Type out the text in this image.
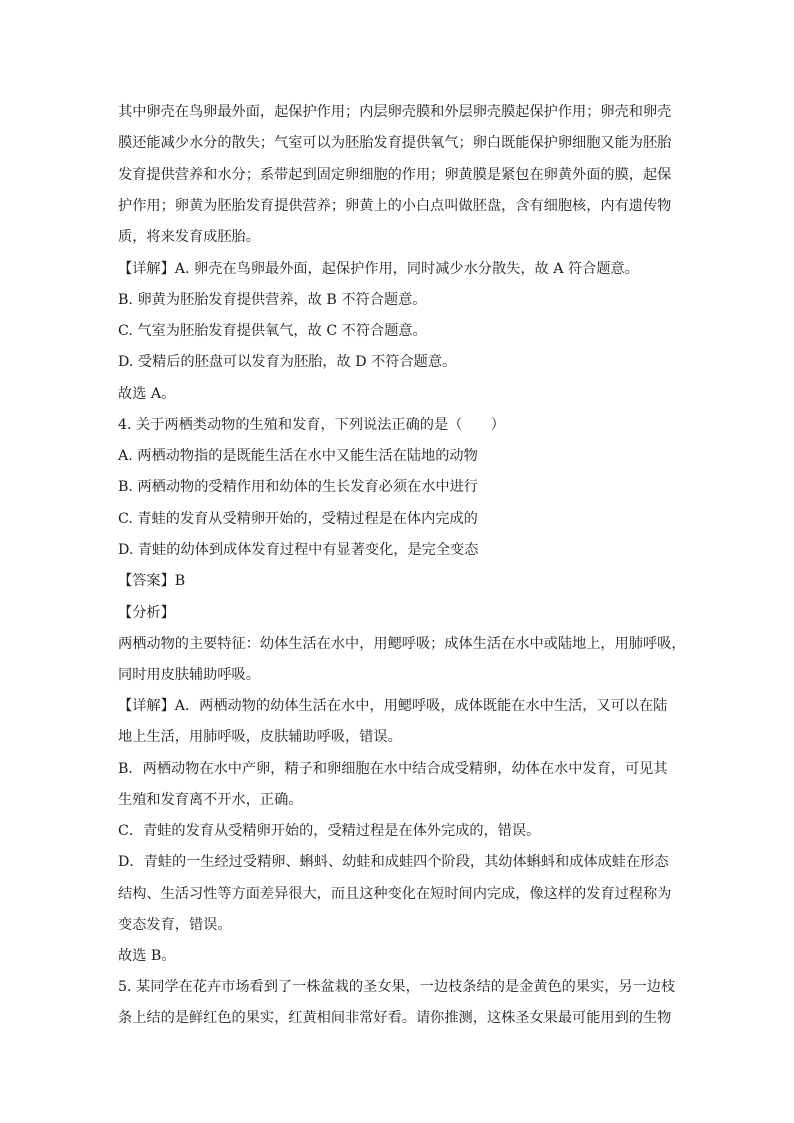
其中卵壳在鸟卵最外面，起保护作用；内层卵壳膜和外层卵壳膜起保护作用；卵壳和卵壳
膜还能减少水分的散失；气室可以为胚胎发育提供氧气；卵白既能保护卵细胞又能为胚胎
发育提供营养和水分；系带起到固定卵细胞的作用；卵黄膜是紧包在卵黄外面的膜，起保
护作用；卵黄为胚胎发育提供营养；卵黄上的小白点叫做胚盘，含有细胞核，内有遗传物
质，将来发育成胚胎。
【详解】A. 卵壳在鸟卵最外面，起保护作用，同时减少水分散失，故 A 符合题意。
B. 卵黄为胚胎发育提供营养，故 B 不符合题意。
C. 气室为胚胎发育提供氧气，故 C 不符合题意。
D. 受精后的胚盘可以发育为胚胎，故 D 不符合题意。
故选 A。
4. 关于两栖类动物的生殖和发育，下列说法正确的是（　　）
A. 两栖动物指的是既能生活在水中又能生活在陆地的动物
B. 两栖动物的受精作用和幼体的生长发育必须在水中进行
C. 青蛙的发育从受精卵开始的，受精过程是在体内完成的
D. 青蛙的幼体到成体发育过程中有显著变化，是完全变态
【答案】B
【分析】
两栖动物的主要特征：幼体生活在水中，用鳃呼吸；成体生活在水中或陆地上，用肺呼吸，
同时用皮肤辅助呼吸。
【详解】A．两栖动物的幼体生活在水中，用鳃呼吸，成体既能在水中生活，又可以在陆
地上生活，用肺呼吸，皮肤辅助呼吸，错误。
B．两栖动物在水中产卵，精子和卵细胞在水中结合成受精卵，幼体在水中发育，可见其
生殖和发育离不开水，正确。
C．青蛙的发育从受精卵开始的，受精过程是在体外完成的，错误。
D．青蛙的一生经过受精卵、蝌蚪、幼蛙和成蛙四个阶段，其幼体蝌蚪和成体成蛙在形态
结构、生活习性等方面差异很大，而且这种变化在短时间内完成，像这样的发育过程称为
变态发育，错误。
故选 B。
5. 某同学在花卉市场看到了一株盆栽的圣女果，一边枝条结的是金黄色的果实，另一边枝
条上结的是鲜红色的果实，红黄相间非常好看。请你推测，这株圣女果最可能用到的生物
